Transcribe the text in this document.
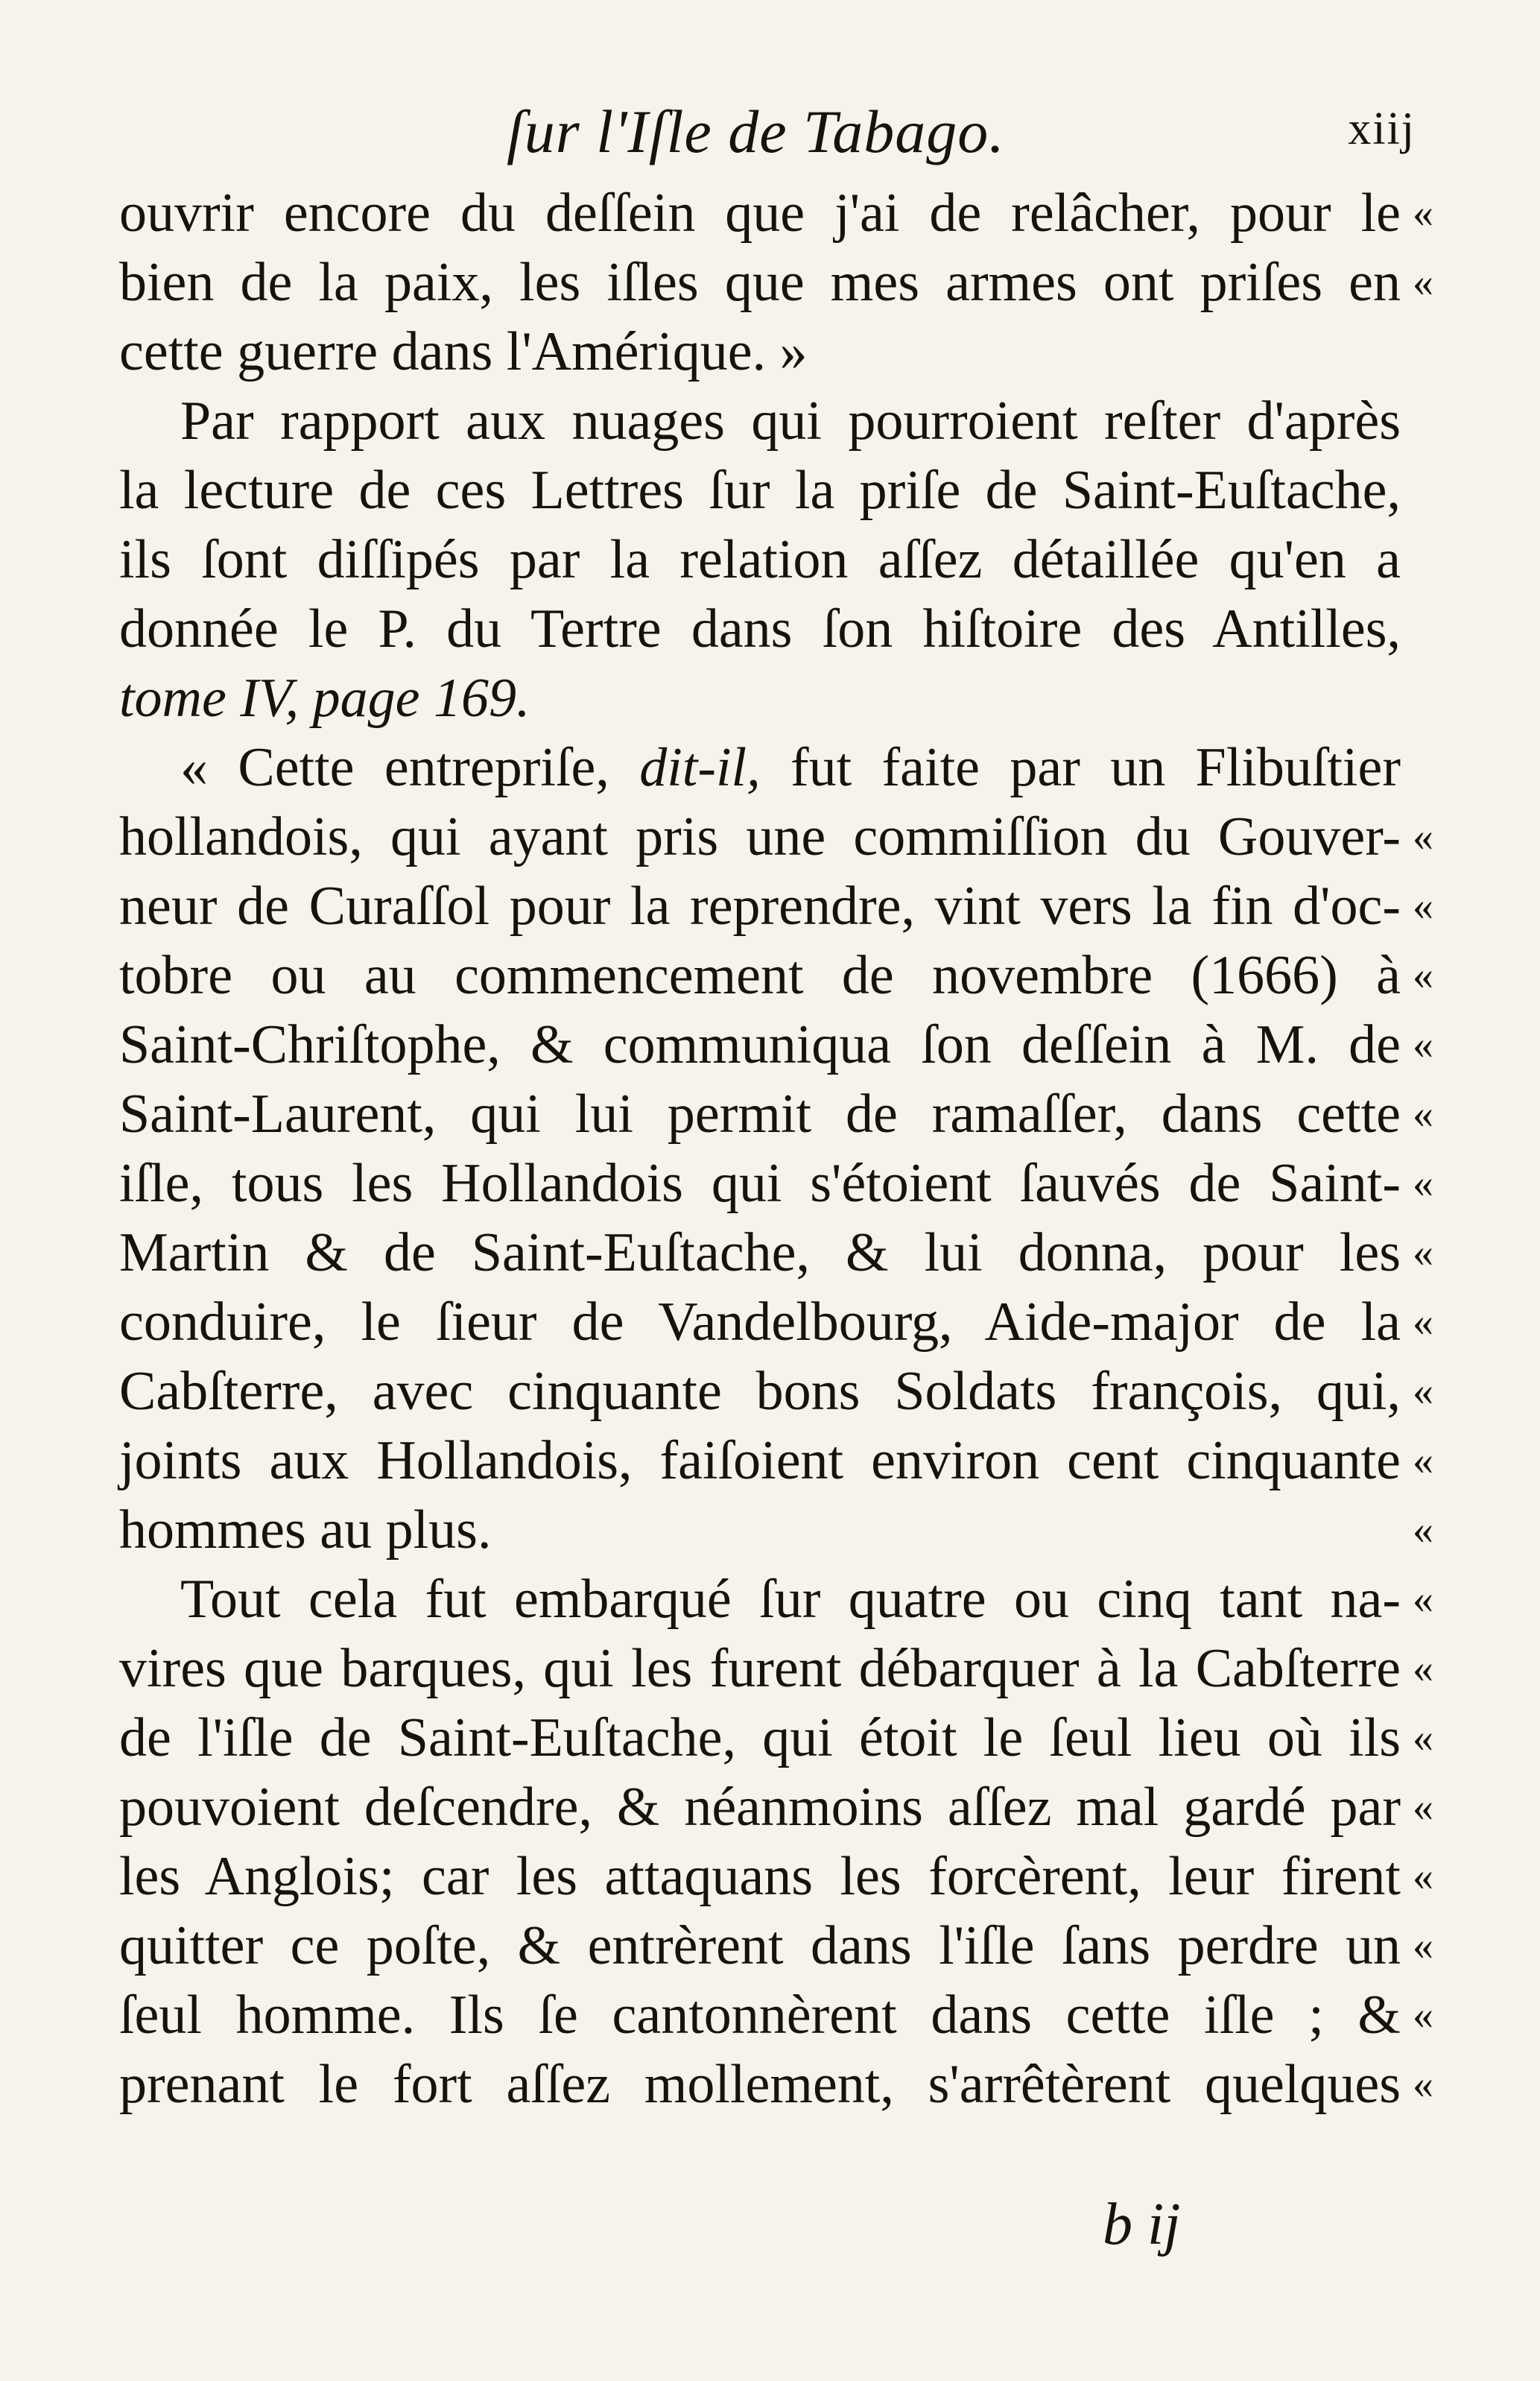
ſur l'Iſle de Tabago.	xiij
ouvrir encore du deſſein que j'ai de relâcher, pour le
bien de la paix, les iſles que mes armes ont priſes en
cette guerre dans l'Amérique. »
Par rapport aux nuages qui pourroient reſter d'après
la lecture de ces Lettres ſur la priſe de Saint-Euſtache,
ils ſont diſſipés par la relation aſſez détaillée qu'en a
donnée le P. du Tertre dans ſon hiſtoire des Antilles,
tome IV, page 169.
« Cette entrepriſe, dit-il, fut faite par un Flibuſtier
hollandois, qui ayant pris une commiſſion du Gouver-
neur de Curaſſol pour la reprendre, vint vers la fin d'oc-
tobre ou au commencement de novembre (1666) à
Saint-Chriſtophe, & communiqua ſon deſſein à M. de
Saint-Laurent, qui lui permit de ramaſſer, dans cette
iſle, tous les Hollandois qui s'étoient ſauvés de Saint-
Martin & de Saint-Euſtache, & lui donna, pour les
conduire, le ſieur de Vandelbourg, Aide-major de la
Cabſterre, avec cinquante bons Soldats françois, qui,
joints aux Hollandois, faiſoient environ cent cinquante
hommes au plus.
Tout cela fut embarqué ſur quatre ou cinq tant na-
vires que barques, qui les furent débarquer à la Cabſterre
de l'iſle de Saint-Euſtache, qui étoit le ſeul lieu où ils
pouvoient deſcendre, & néanmoins aſſez mal gardé par
les Anglois; car les attaquans les forcèrent, leur firent
quitter ce poſte, & entrèrent dans l'iſle ſans perdre un
ſeul homme. Ils ſe cantonnèrent dans cette iſle ; &
prenant le fort aſſez mollement, s'arrêtèrent quelques
«
«
«
«
«
«
«
«
«
«
«
«
«
«
«
«
«
«
«
«
«
b ij
